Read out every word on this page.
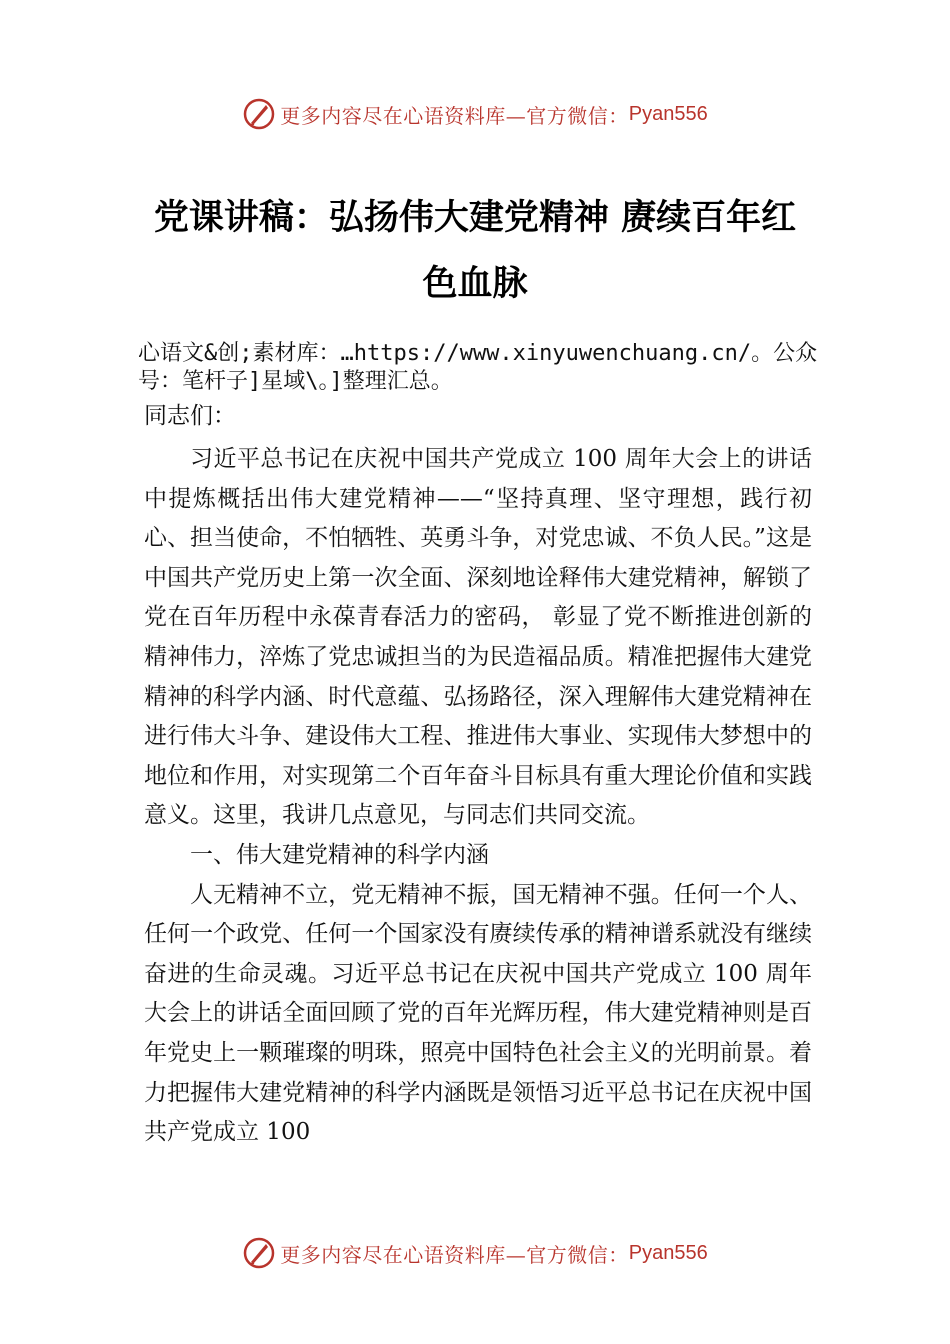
更多内容尽在心语资料库—官方微信： Pyan556
党课讲稿：弘扬伟大建党精神 赓续百年红
色血脉
心语文&创;素材库：…https://www.xinyuwenchuang.cn/。公众号：笔杆子]星域\。]整理汇总。
同志们：

习近平总书记在庆祝中国共产党成立 100 周年大会上的讲话中提炼概括出伟大建党精神——“坚持真理、坚守理想，践行初心、担当使命，不怕牺牲、英勇斗争，对党忠诚、不负人民。”这是中国共产党历史上第一次全面、深刻地诠释伟大建党精神，解锁了党在百年历程中永葆青春活力的密码， 彰显了党不断推进创新的精神伟力，淬炼了党忠诚担当的为民造福品质。精准把握伟大建党精神的科学内涵、时代意蕴、弘扬路径，深入理解伟大建党精神在进行伟大斗争、建设伟大工程、推进伟大事业、实现伟大梦想中的地位和作用，对实现第二个百年奋斗目标具有重大理论价值和实践意义。这里，我讲几点意见，与同志们共同交流。

一、伟大建党精神的科学内涵

人无精神不立，党无精神不振，国无精神不强。任何一个人、任何一个政党、任何一个国家没有赓续传承的精神谱系就没有继续奋进的生命灵魂。习近平总书记在庆祝中国共产党成立 100 周年大会上的讲话全面回顾了党的百年光辉历程，伟大建党精神则是百年党史上一颗璀璨的明珠，照亮中国特色社会主义的光明前景。着力把握伟大建党精神的科学内涵既是领悟习近平总书记在庆祝中国共产党成立 100

更多内容尽在心语资料库—官方微信： Pyan556
